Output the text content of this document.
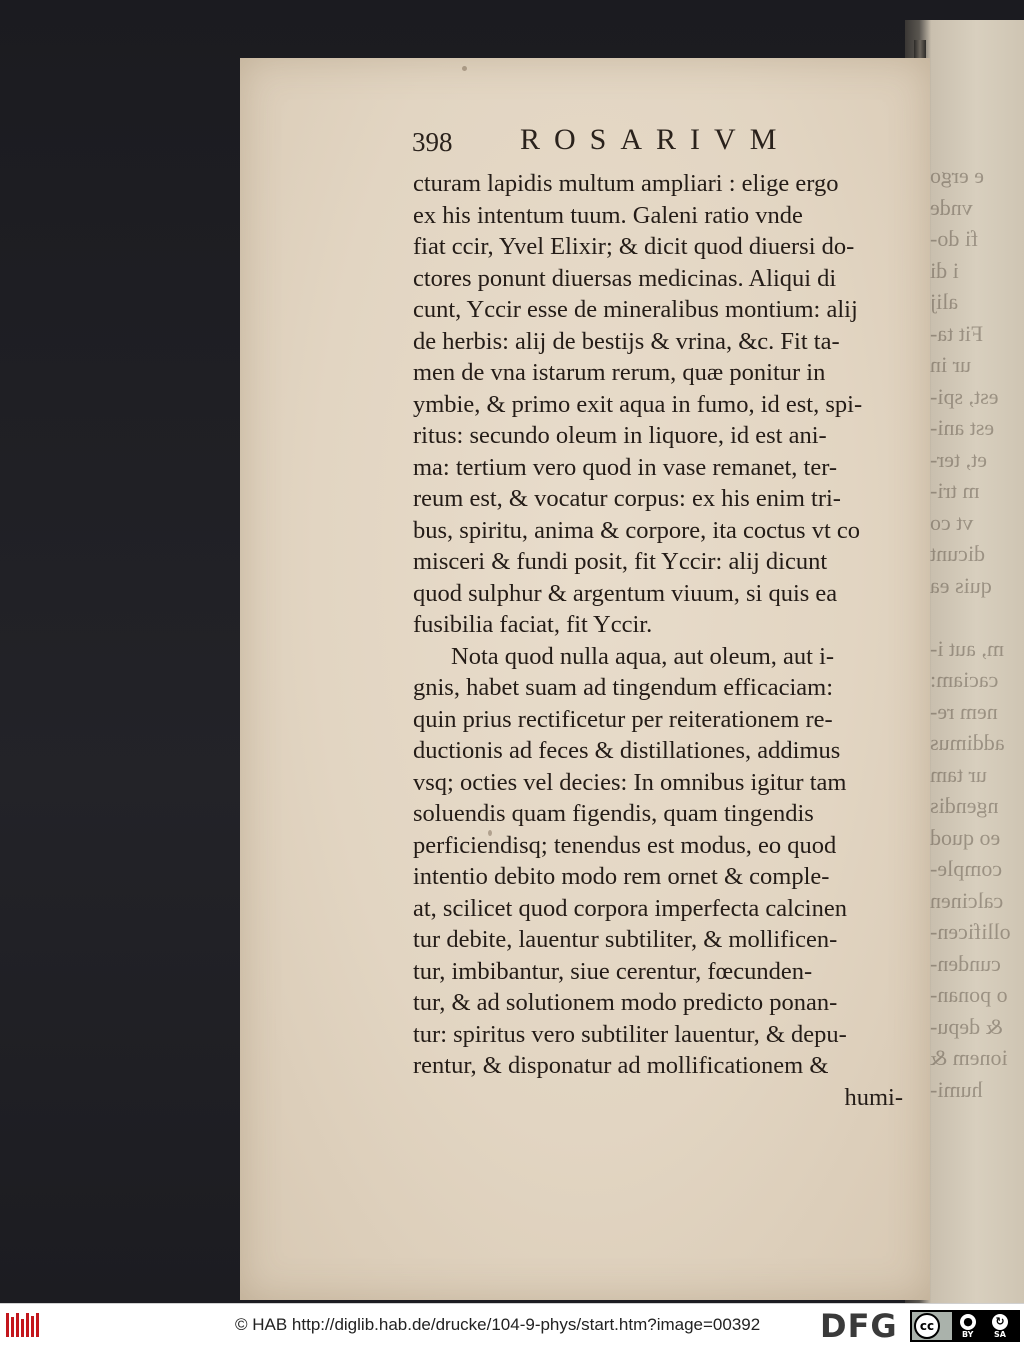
e ergo
vnde
fi do-
i di
alij
Fit ta-
ur in
est, spi-
est ani-
et, ter-
m tri-
vt co
dicunt
quis ea

m, aut i-
caciam:
nem re-
addimus
ur tam
ngendis
eo quod
comple-
calcinen
ollificen-
cunden-
o ponan-
& depu-
ionem &
humi-
398 ROSARIVM
cturam lapidis multum ampliari : elige ergo
ex his intentum tuum. Galeni ratio vnde
fiat ccir, Yvel Elixir; & dicit quod diuersi do-
ctores ponunt diuersas medicinas. Aliqui di
cunt, Yccir esse de mineralibus montium: alij
de herbis: alij de bestijs & vrina, &c. Fit ta-
men de vna istarum rerum, quæ ponitur in
ymbie, & primo exit aqua in fumo, id est, spi-
ritus: secundo oleum in liquore, id est ani-
ma: tertium vero quod in vase remanet, ter-
reum est, & vocatur corpus: ex his enim tri-
bus, spiritu, anima & corpore, ita coctus vt co
misceri & fundi posit, fit Yccir: alij dicunt
quod sulphur & argentum viuum, si quis ea
fusibilia faciat, fit Yccir.
Nota quod nulla aqua, aut oleum, aut i-
gnis, habet suam ad tingendum efficaciam:
quin prius rectificetur per reiterationem re-
ductionis ad feces & distillationes, addimus
vsq; octies vel decies: In omnibus igitur tam
soluendis quam figendis, quam tingendis
perficiendisq; tenendus est modus, eo quod
intentio debito modo rem ornet & comple-
at, scilicet quod corpora imperfecta calcinen
tur debite, lauentur subtiliter, & mollificen-
tur, imbibantur, siue cerentur, fœcunden-
tur, & ad solutionem modo predicto ponan-
tur: spiritus vero subtiliter lauentur, & depu-
rentur, & disponatur ad mollificationem &
humi-
© HAB http://diglib.hab.de/drucke/104-9-phys/start.htm?image=00392 DFG	cc	●	↻
BY	SA
